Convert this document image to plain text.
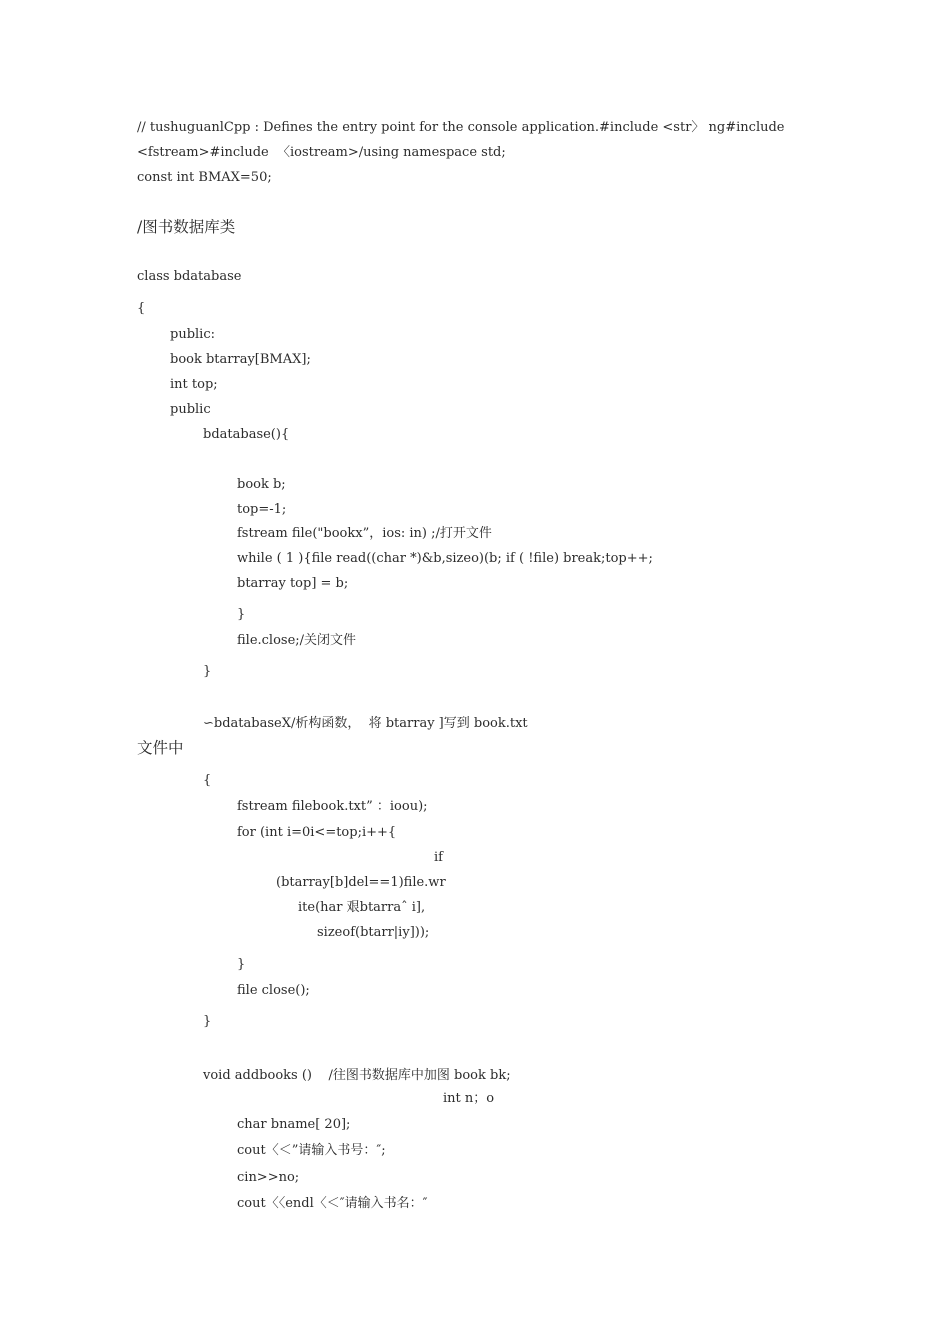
// tushuguanlCpp : Defines the entry point for the console application.#include <str〉 ng#include
<fstream>#include  〈iostream>/using namespace std;
const int BMAX=50;
/图书数据库类
class bdatabase
{
public:
book btarray[BMAX];
int top;
public
bdatabase(){
book b;
top=-1;
fstream file("bookx”，ios: in) ;/打开文件
while ( 1 ){file read((char *)&b,sizeo)(b; if ( !file) break;top++;
btarray top] = b;
}
file.close;/关闭文件
}
∽bdatabaseX/析构函数，  将 btarray ]写到 book.txt
文件中
{
fstream filebook.txt” ：ioou);
for (int i=0i<=top;i++{
if
(btarray[b]del==1)file.wr
ite(har 艰btarraˆ i],
sizeof(btarr|iy]));
}
file close();
}
void addbooks ()    /往图书数据库中加图 book bk;
int n；o
char bname[ 20];
cout〈＜”请输入书号：″;
cin>>no;
cout〈〈endl〈＜″请输入书名：″
